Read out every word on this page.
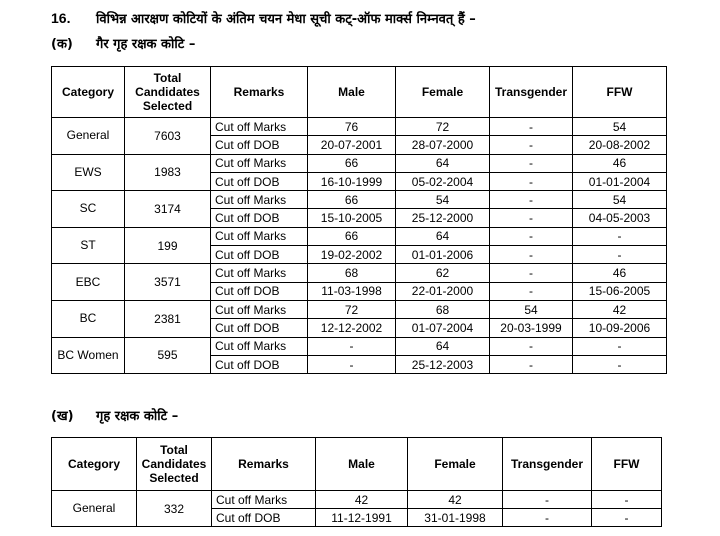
16. विभिन्न आरक्षण कोटियों के अंतिम चयन मेधा सूची कट्‌-ऑफ मार्क्स निम्नवत्‌ हैं –
(क) गैर गृह रक्षक कोटि –
Category	Total Candidates Selected	Remarks	Male	Female	Transgender	FFW
General	7603	Cut off Marks	76	72	-	54
		Cut off DOB	20-07-2001	28-07-2000	-	20-08-2002
EWS	1983	Cut off Marks	66	64	-	46
		Cut off DOB	16-10-1999	05-02-2004	-	01-01-2004
SC	3174	Cut off Marks	66	54	-	54
		Cut off DOB	15-10-2005	25-12-2000	-	04-05-2003
ST	199	Cut off Marks	66	64	-	-
		Cut off DOB	19-02-2002	01-01-2006	-	-
EBC	3571	Cut off Marks	68	62	-	46
		Cut off DOB	11-03-1998	22-01-2000	-	15-06-2005
BC	2381	Cut off Marks	72	68	54	42
		Cut off DOB	12-12-2002	01-07-2004	20-03-1999	10-09-2006
BC Women	595	Cut off Marks	-	64	-	-
		Cut off DOB	-	25-12-2003	-	-
(ख) गृह रक्षक कोटि –
Category	Total Candidates Selected	Remarks	Male	Female	Transgender	FFW
General	332	Cut off Marks	42	42	-	-
		Cut off DOB	11-12-1991	31-01-1998	-	-
